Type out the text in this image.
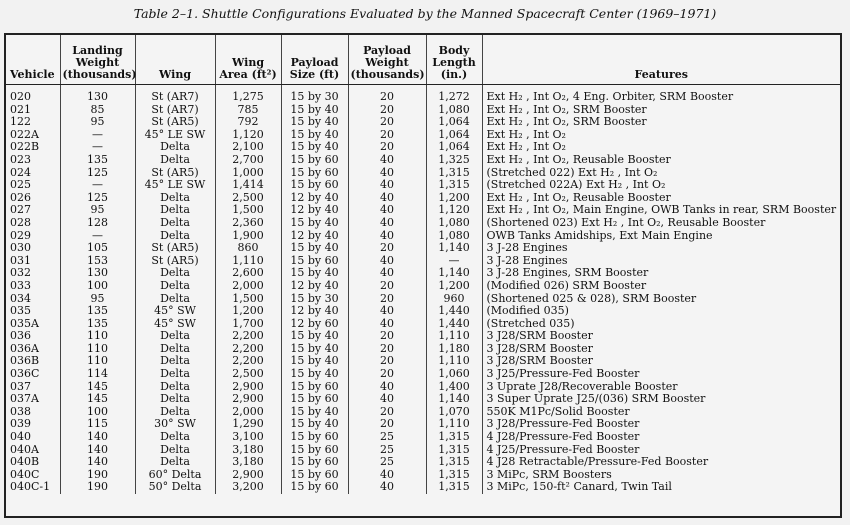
Table 2–1. Shuttle Configurations Evaluated by the Manned Spacecraft Center (1969–1971)
Vehicle	Landing Weight (thousands)	Wing	Wing Area (ft²)	Payload Size (ft)	Payload Weight (thousands)	Body Length (in.)	Features
020	130	St (AR7)	1,275	15 by 30	20	1,272	Ext H₂ , Int O₂, 4 Eng. Orbiter, SRM Booster
021	85	St (AR7)	785	15 by 40	20	1,080	Ext H₂ , Int O₂, SRM Booster
122	95	St (AR5)	792	15 by 40	20	1,064	Ext H₂ , Int O₂, SRM Booster
022A	—	45° LE SW	1,120	15 by 40	20	1,064	Ext H₂ , Int O₂
022B	—	Delta	2,100	15 by 40	20	1,064	Ext H₂ , Int O₂
023	135	Delta	2,700	15 by 60	40	1,325	Ext H₂ , Int O₂, Reusable Booster
024	125	St (AR5)	1,000	15 by 60	40	1,315	(Stretched 022) Ext H₂ , Int O₂
025	—	45° LE SW	1,414	15 by 60	40	1,315	(Stretched 022A) Ext H₂ , Int O₂
026	125	Delta	2,500	12 by 40	40	1,200	Ext H₂ , Int O₂, Reusable Booster
027	95	Delta	1,500	12 by 40	40	1,120	Ext H₂ , Int O₂, Main Engine, OWB Tanks in rear, SRM Booster
028	128	Delta	2,360	15 by 40	40	1,080	(Shortened 023) Ext H₂ , Int O₂, Reusable Booster
029	—	Delta	1,900	12 by 40	40	1,080	OWB Tanks Amidships, Ext Main Engine
030	105	St (AR5)	860	15 by 40	20	1,140	3 J-28 Engines
031	153	St (AR5)	1,110	15 by 60	40	—	3 J-28 Engines
032	130	Delta	2,600	15 by 40	40	1,140	3 J-28 Engines, SRM Booster
033	100	Delta	2,000	12 by 40	20	1,200	(Modified 026) SRM Booster
034	95	Delta	1,500	15 by 30	20	960	(Shortened 025 & 028), SRM Booster
035	135	45° SW	1,200	12 by 40	40	1,440	(Modified 035)
035A	135	45° SW	1,700	12 by 60	40	1,440	(Stretched 035)
036	110	Delta	2,200	15 by 40	20	1,110	3 J28/SRM Booster
036A	110	Delta	2,200	15 by 40	20	1,180	3 J28/SRM Booster
036B	110	Delta	2,200	15 by 40	20	1,110	3 J28/SRM Booster
036C	114	Delta	2,500	15 by 40	20	1,060	3 J25/Pressure-Fed Booster
037	145	Delta	2,900	15 by 60	40	1,400	3 Uprate J28/Recoverable Booster
037A	145	Delta	2,900	15 by 60	40	1,140	3 Super Uprate J25/(036) SRM Booster
038	100	Delta	2,000	15 by 40	20	1,070	550K M1Pc/Solid Booster
039	115	30° SW	1,290	15 by 40	20	1,110	3 J28/Pressure-Fed Booster
040	140	Delta	3,100	15 by 60	25	1,315	4 J28/Pressure-Fed Booster
040A	140	Delta	3,180	15 by 60	25	1,315	4 J25/Pressure-Fed Booster
040B	140	Delta	3,180	15 by 60	25	1,315	4 J28 Retractable/Pressure-Fed Booster
040C	190	60° Delta	2,900	15 by 60	40	1,315	3 MiPc, SRM Boosters
040C-1	190	50° Delta	3,200	15 by 60	40	1,315	3 MiPc, 150-ft² Canard, Twin Tail
